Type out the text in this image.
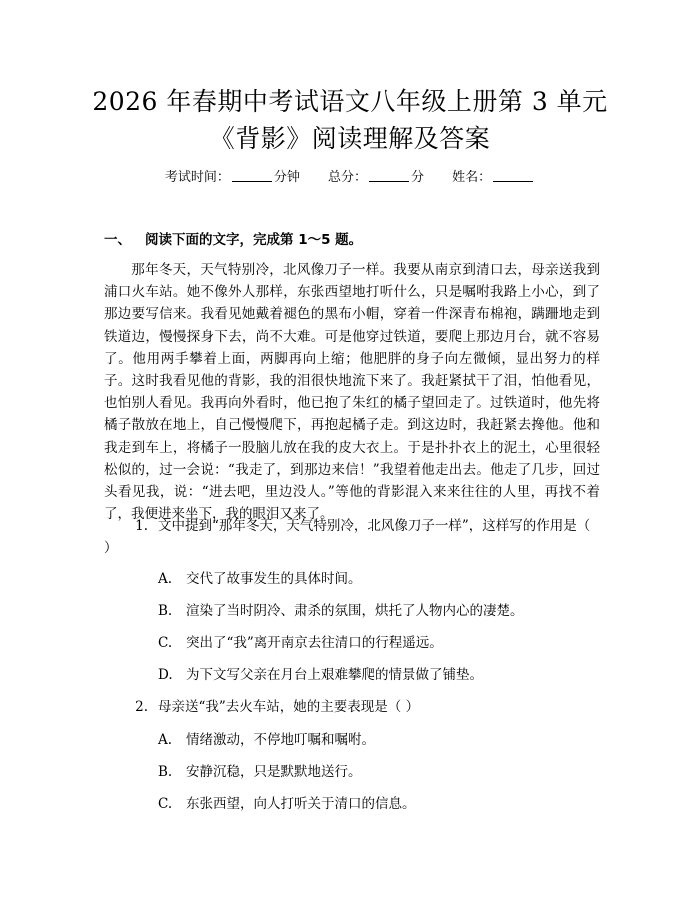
2026 年春期中考试语文八年级上册第 3 单元
《背影》阅读理解及答案
考试时间：	分钟 总分：	分 姓名：
一、 阅读下面的文字，完成第 1～5 题。

那年冬天，天气特别冷，北风像刀子一样。我要从南京到清口去，母亲送我到浦口火车站。她不像外人那样，东张西望地打听什么，只是嘱咐我路上小心，到了那边要写信来。我看见她戴着褪色的黑布小帽，穿着一件深青布棉袍，蹒跚地走到铁道边，慢慢探身下去，尚不大难。可是他穿过铁道，要爬上那边月台，就不容易了。他用两手攀着上面，两脚再向上缩；他肥胖的身子向左微倾，显出努力的样子。这时我看见他的背影，我的泪很快地流下来了。我赶紧拭干了泪，怕他看见，也怕别人看见。我再向外看时，他已抱了朱红的橘子望回走了。过铁道时，他先将橘子散放在地上，自己慢慢爬下，再抱起橘子走。到这边时，我赶紧去搀他。他和我走到车上，将橘子一股脑儿放在我的皮大衣上。于是扑扑衣上的泥土，心里很轻松似的，过一会说：“我走了，到那边来信！”我望着他走出去。他走了几步，回过头看见我，说：“进去吧，里边没人。”等他的背影混入来来往往的人里，再找不着了，我便进来坐下，我的眼泪又来了。

1. 文中提到“那年冬天，天气特别冷，北风像刀子一样”，这样写的作用是（ ）
A. 交代了故事发生的具体时间。
B. 渲染了当时阴冷、肃杀的氛围，烘托了人物内心的凄楚。
C. 突出了“我”离开南京去往清口的行程遥远。
D. 为下文写父亲在月台上艰难攀爬的情景做了铺垫。
2. 母亲送“我”去火车站，她的主要表现是（ ）
A. 情绪激动，不停地叮嘱和嘱咐。
B. 安静沉稳，只是默默地送行。
C. 东张西望，向人打听关于清口的信息。
